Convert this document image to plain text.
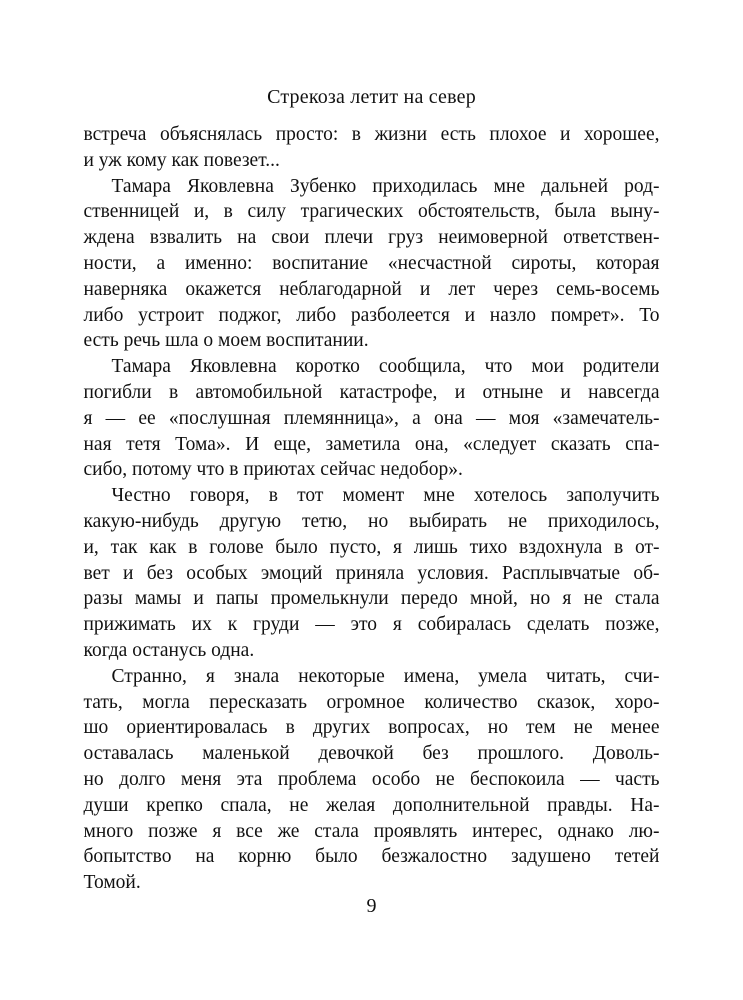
Стрекоза летит на север
встреча объяснялась просто: в жизни есть плохое и хорошее,
и уж кому как повезет...
Тамара Яковлевна Зубенко приходилась мне дальней род-
ственницей и, в силу трагических обстоятельств, была выну-
ждена взвалить на свои плечи груз неимоверной ответствен-
ности, а именно: воспитание «несчастной сироты, которая
наверняка окажется неблагодарной и лет через семь-восемь
либо устроит поджог, либо разболеется и назло помрет». То
есть речь шла о моем воспитании.
Тамара Яковлевна коротко сообщила, что мои родители
погибли в автомобильной катастрофе, и отныне и навсегда
я — ее «послушная племянница», а она — моя «замечатель-
ная тетя Тома». И еще, заметила она, «следует сказать спа-
сибо, потому что в приютах сейчас недобор».
Честно говоря, в тот момент мне хотелось заполучить
какую-нибудь другую тетю, но выбирать не приходилось,
и, так как в голове было пусто, я лишь тихо вздохнула в от-
вет и без особых эмоций приняла условия. Расплывчатые об-
разы мамы и папы промелькнули передо мной, но я не стала
прижимать их к груди — это я собиралась сделать позже,
когда останусь одна.
Странно, я знала некоторые имена, умела читать, счи-
тать, могла пересказать огромное количество сказок, хоро-
шо ориентировалась в других вопросах, но тем не менее
оставалась маленькой девочкой без прошлого. Доволь-
но долго меня эта проблема особо не беспокоила — часть
души крепко спала, не желая дополнительной правды. На-
много позже я все же стала проявлять интерес, однако лю-
бопытство на корню было безжалостно задушено тетей
Томой.
9
